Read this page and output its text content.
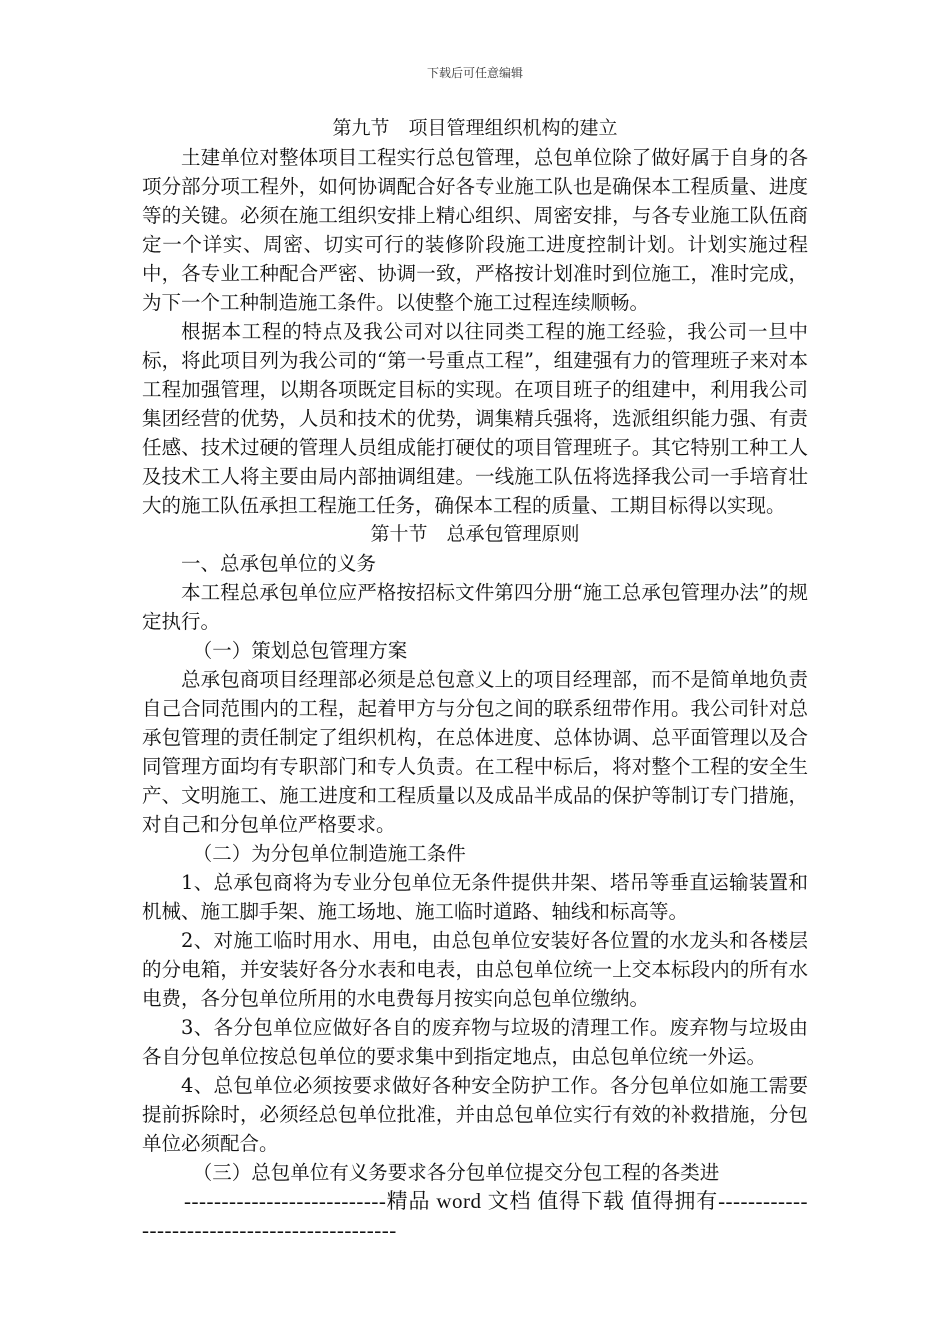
下载后可任意编辑
第九节　项目管理组织机构的建立

土建单位对整体项目工程实行总包管理，总包单位除了做好属于自身的各项分部分项工程外，如何协调配合好各专业施工队也是确保本工程质量、进度等的关键。必须在施工组织安排上精心组织、周密安排，与各专业施工队伍商定一个详实、周密、切实可行的装修阶段施工进度控制计划。计划实施过程中，各专业工种配合严密、协调一致，严格按计划准时到位施工，准时完成，为下一个工种制造施工条件。以使整个施工过程连续顺畅。

根据本工程的特点及我公司对以往同类工程的施工经验，我公司一旦中标，将此项目列为我公司的“第一号重点工程”，组建强有力的管理班子来对本工程加强管理，以期各项既定目标的实现。在项目班子的组建中，利用我公司集团经营的优势，人员和技术的优势，调集精兵强将，选派组织能力强、有责任感、技术过硬的管理人员组成能打硬仗的项目管理班子。其它特别工种工人及技术工人将主要由局内部抽调组建。一线施工队伍将选择我公司一手培育壮大的施工队伍承担工程施工任务，确保本工程的质量、工期目标得以实现。

第十节　总承包管理原则
一、总承包单位的义务

本工程总承包单位应严格按招标文件第四分册“施工总承包管理办法”的规定执行。

（一）策划总包管理方案

总承包商项目经理部必须是总包意义上的项目经理部，而不是简单地负责自己合同范围内的工程，起着甲方与分包之间的联系纽带作用。我公司针对总承包管理的责任制定了组织机构，在总体进度、总体协调、总平面管理以及合同管理方面均有专职部门和专人负责。在工程中标后，将对整个工程的安全生产、文明施工、施工进度和工程质量以及成品半成品的保护等制订专门措施，对自己和分包单位严格要求。

（二）为分包单位制造施工条件

1、总承包商将为专业分包单位无条件提供井架、塔吊等垂直运输装置和机械、施工脚手架、施工场地、施工临时道路、轴线和标高等。

2、对施工临时用水、用电，由总包单位安装好各位置的水龙头和各楼层的分电箱，并安装好各分水表和电表，由总包单位统一上交本标段内的所有水电费，各分包单位所用的水电费每月按实向总包单位缴纳。

3、各分包单位应做好各自的废弃物与垃圾的清理工作。废弃物与垃圾由各自分包单位按总包单位的要求集中到指定地点，由总包单位统一外运。

4、总包单位必须按要求做好各种安全防护工作。各分包单位如施工需要提前拆除时，必须经总包单位批准，并由总包单位实行有效的补救措施，分包单位必须配合。

（三）总包单位有义务要求各分包单位提交分包工程的各类进

---------------------------精品 word 文档 值得下载 值得拥有----------------------------------------------
